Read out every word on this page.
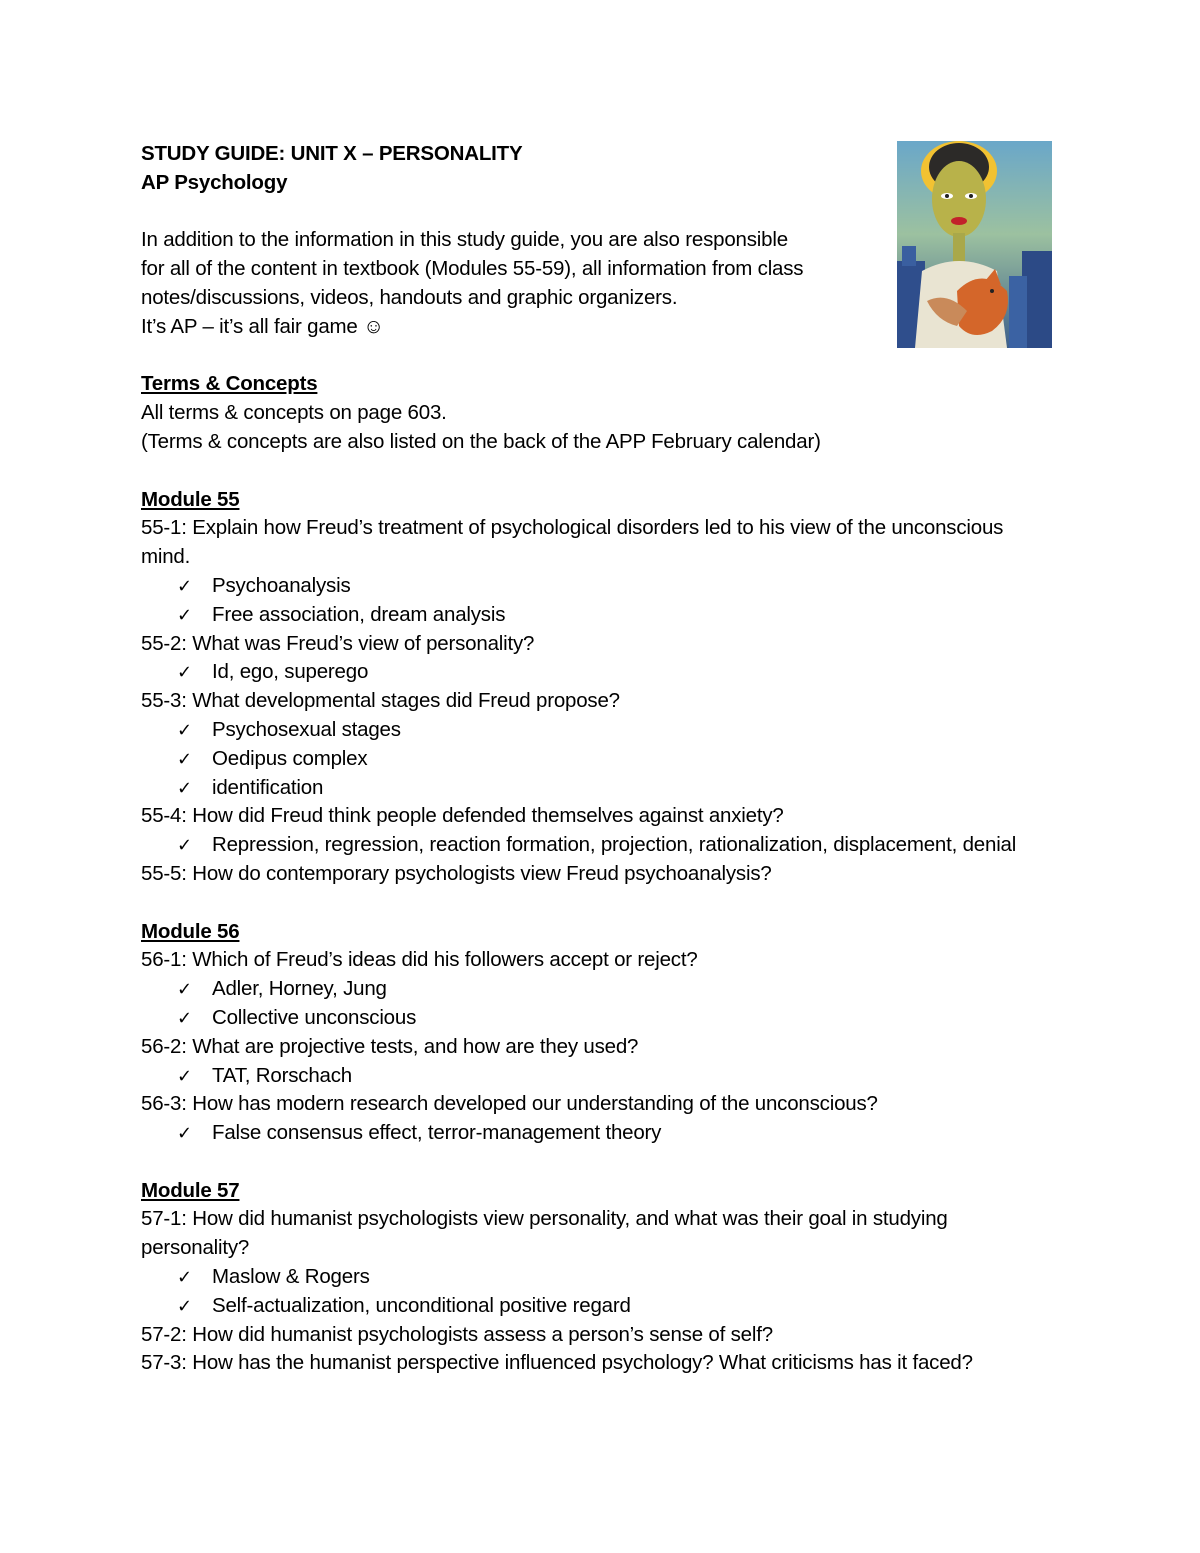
STUDY GUIDE: UNIT X – PERSONALITY
AP Psychology
In addition to the information in this study guide, you are also responsible
for all of the content in textbook (Modules 55-59), all information from class
notes/discussions, videos, handouts and graphic organizers.
It’s AP – it’s all fair game ☺
Terms & Concepts
All terms & concepts on page 603.
(Terms & concepts are also listed on the back of the APP February calendar)
Module 55
55-1: Explain how Freud’s treatment of psychological disorders led to his view of the unconscious mind.
✓ Psychoanalysis
✓ Free association, dream analysis
55-2: What was Freud’s view of personality?
✓ Id, ego, superego
55-3: What developmental stages did Freud propose?
✓ Psychosexual stages
✓ Oedipus complex
✓ identification
55-4: How did Freud think people defended themselves against anxiety?
✓ Repression, regression, reaction formation, projection, rationalization, displacement, denial
55-5: How do contemporary psychologists view Freud psychoanalysis?
Module 56
56-1: Which of Freud’s ideas did his followers accept or reject?
✓ Adler, Horney, Jung
✓ Collective unconscious
56-2: What are projective tests, and how are they used?
✓ TAT, Rorschach
56-3: How has modern research developed our understanding of the unconscious?
✓ False consensus effect, terror-management theory
Module 57
57-1: How did humanist psychologists view personality, and what was their goal in studying personality?
✓ Maslow & Rogers
✓ Self-actualization, unconditional positive regard
57-2: How did humanist psychologists assess a person’s sense of self?
57-3: How has the humanist perspective influenced psychology? What criticisms has it faced?
